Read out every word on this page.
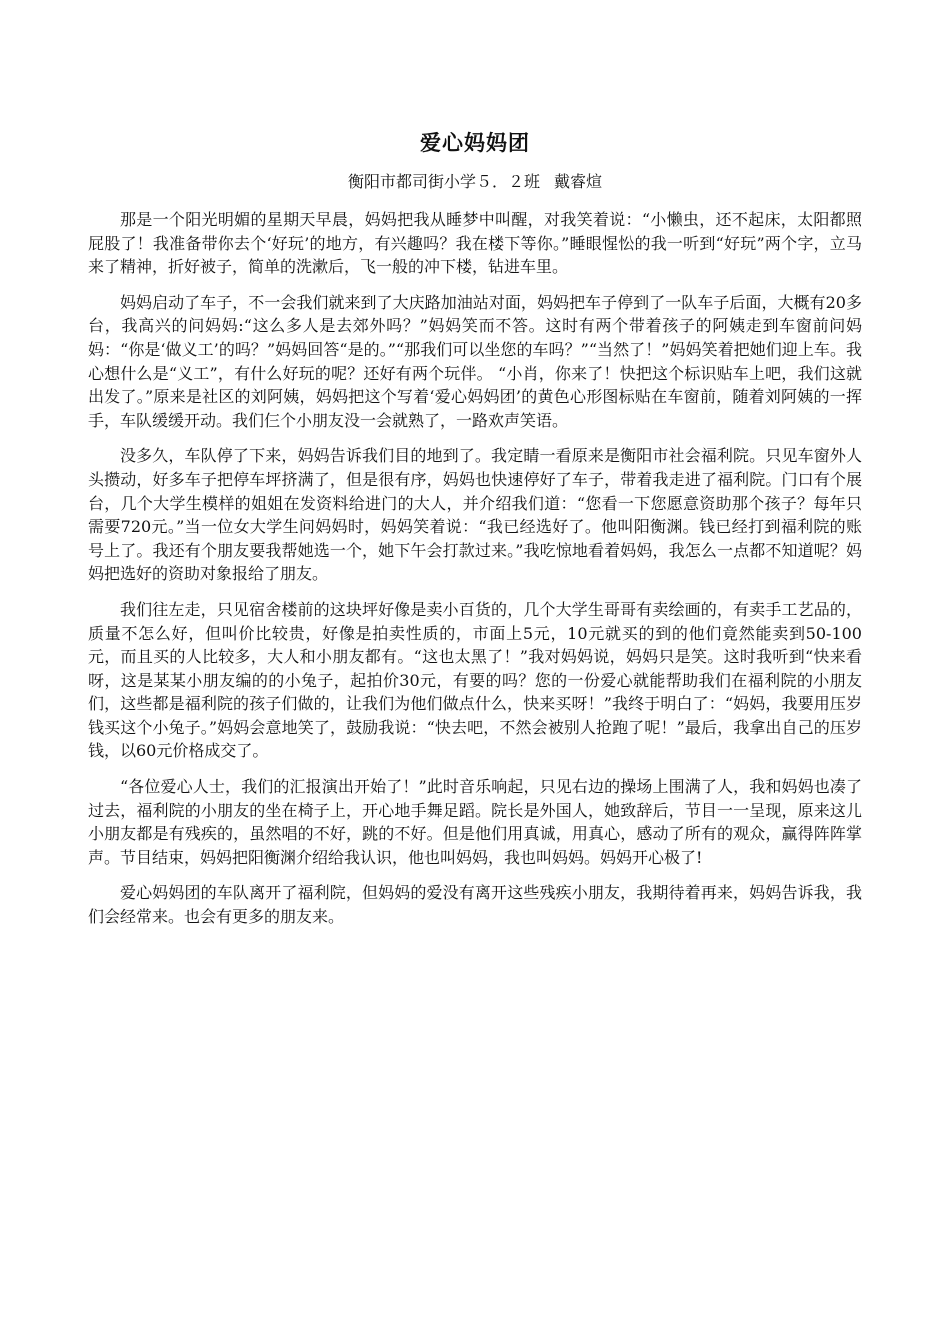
爱心妈妈团
衡阳市都司街小学５．２班 戴睿煊

那是一个阳光明媚的星期天早晨，妈妈把我从睡梦中叫醒，对我笑着说：“小懒虫，还不起床，太阳都照屁股了！我准备带你去个‘好玩’的地方，有兴趣吗？我在楼下等你。”睡眼惺忪的我一听到“好玩”两个字，立马来了精神，折好被子，简单的洗漱后，飞一般的冲下楼，钻进车里。

妈妈启动了车子，不一会我们就来到了大庆路加油站对面，妈妈把车子停到了一队车子后面，大概有20多台，我高兴的问妈妈:“这么多人是去郊外吗？”妈妈笑而不答。这时有两个带着孩子的阿姨走到车窗前问妈妈：“你是‘做义工’的吗？”妈妈回答“是的。”“那我们可以坐您的车吗？”“当然了！”妈妈笑着把她们迎上车。我心想什么是“义工”，有什么好玩的呢？还好有两个玩伴。 “小肖，你来了！快把这个标识贴车上吧，我们这就出发了。”原来是社区的刘阿姨，妈妈把这个写着‘爱心妈妈团’的黄色心形图标贴在车窗前，随着刘阿姨的一挥手，车队缓缓开动。我们仨个小朋友没一会就熟了，一路欢声笑语。

没多久，车队停了下来，妈妈告诉我们目的地到了。我定睛一看原来是衡阳市社会福利院。只见车窗外人头攒动，好多车子把停车坪挤满了，但是很有序，妈妈也快速停好了车子，带着我走进了福利院。门口有个展台，几个大学生模样的姐姐在发资料给进门的大人，并介绍我们道：“您看一下您愿意资助那个孩子？每年只需要720元。”当一位女大学生问妈妈时，妈妈笑着说：“我已经选好了。他叫阳衡渊。钱已经打到福利院的账号上了。我还有个朋友要我帮她选一个，她下午会打款过来。”我吃惊地看着妈妈，我怎么一点都不知道呢？妈妈把选好的资助对象报给了朋友。

我们往左走，只见宿舍楼前的这块坪好像是卖小百货的，几个大学生哥哥有卖绘画的，有卖手工艺品的，质量不怎么好，但叫价比较贵，好像是拍卖性质的，市面上5元，10元就买的到的他们竟然能卖到50-100元，而且买的人比较多，大人和小朋友都有。“这也太黑了！”我对妈妈说，妈妈只是笑。这时我听到“快来看呀，这是某某小朋友编的的小兔子，起拍价30元，有要的吗？您的一份爱心就能帮助我们在福利院的小朋友们，这些都是福利院的孩子们做的，让我们为他们做点什么，快来买呀！”我终于明白了：“妈妈，我要用压岁钱买这个小兔子。”妈妈会意地笑了，鼓励我说：“快去吧，不然会被别人抢跑了呢！”最后，我拿出自己的压岁钱，以60元价格成交了。

“各位爱心人士，我们的汇报演出开始了！”此时音乐响起，只见右边的操场上围满了人，我和妈妈也凑了过去，福利院的小朋友的坐在椅子上，开心地手舞足蹈。院长是外国人，她致辞后，节目一一呈现，原来这儿小朋友都是有残疾的，虽然唱的不好，跳的不好。但是他们用真诚，用真心，感动了所有的观众，赢得阵阵掌声。节目结束，妈妈把阳衡渊介绍给我认识，他也叫妈妈，我也叫妈妈。妈妈开心极了!

爱心妈妈团的车队离开了福利院，但妈妈的爱没有离开这些残疾小朋友，我期待着再来，妈妈告诉我，我们会经常来。也会有更多的朋友来。
